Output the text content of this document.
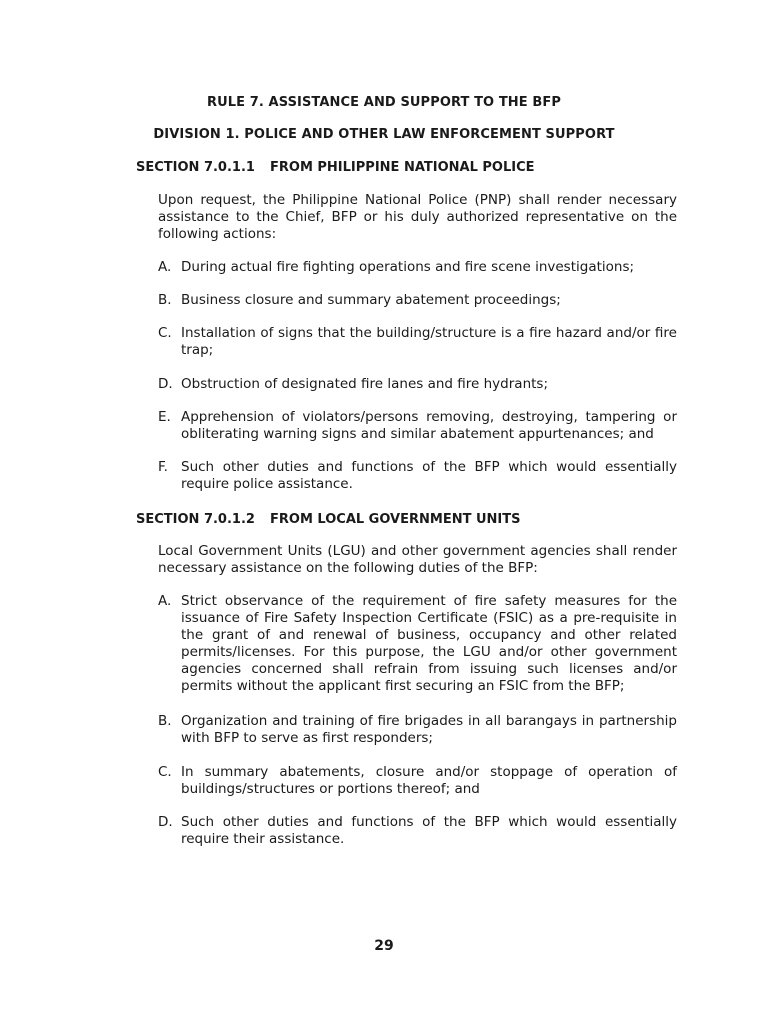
RULE 7. ASSISTANCE AND SUPPORT TO THE BFP
DIVISION 1. POLICE AND OTHER LAW ENFORCEMENT SUPPORT
SECTION 7.0.1.1 FROM PHILIPPINE NATIONAL POLICE

Upon request, the Philippine National Police (PNP) shall render necessary assistance to the Chief, BFP or his duly authorized representative on the following actions:

A. During actual fire fighting operations and fire scene investigations;
B. Business closure and summary abatement proceedings;
C. Installation of signs that the building/structure is a fire hazard and/or fire trap;
D. Obstruction of designated fire lanes and fire hydrants;
E. Apprehension of violators/persons removing, destroying, tampering or obliterating warning signs and similar abatement appurtenances; and
F. Such other duties and functions of the BFP which would essentially require police assistance.
SECTION 7.0.1.2 FROM LOCAL GOVERNMENT UNITS

Local Government Units (LGU) and other government agencies shall render necessary assistance on the following duties of the BFP:

A. Strict observance of the requirement of fire safety measures for the issuance of Fire Safety Inspection Certificate (FSIC) as a pre-requisite in the grant of and renewal of business, occupancy and other related permits/licenses. For this purpose, the LGU and/or other government agencies concerned shall refrain from issuing such licenses and/or permits without the applicant first securing an FSIC from the BFP;
B. Organization and training of fire brigades in all barangays in partnership with BFP to serve as first responders;
C. In summary abatements, closure and/or stoppage of operation of buildings/structures or portions thereof; and
D. Such other duties and functions of the BFP which would essentially require their assistance.
29
